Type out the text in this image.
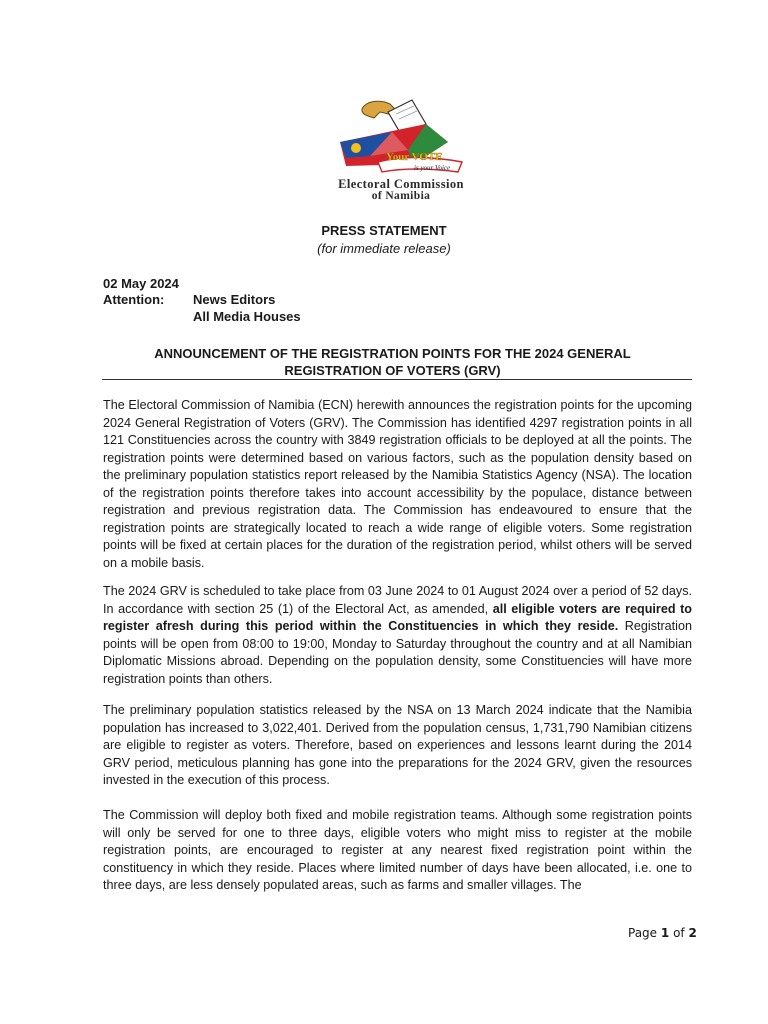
Your VOTE
is your Voice
Electoral Commission
of Namibia
PRESS STATEMENT
(for immediate release)
02 May 2024
Attention: News Editors
All Media Houses
ANNOUNCEMENT OF THE REGISTRATION POINTS FOR THE 2024 GENERAL REGISTRATION OF VOTERS (GRV)

The Electoral Commission of Namibia (ECN) herewith announces the registration points for the upcoming 2024 General Registration of Voters (GRV). The Commission has identified 4297 registration points in all 121 Constituencies across the country with 3849 registration officials to be deployed at all the points. The registration points were determined based on various factors, such as the population density based on the preliminary population statistics report released by the Namibia Statistics Agency (NSA). The location of the registration points therefore takes into account accessibility by the populace, distance between registration and previous registration data. The Commission has endeavoured to ensure that the registration points are strategically located to reach a wide range of eligible voters. Some registration points will be fixed at certain places for the duration of the registration period, whilst others will be served on a mobile basis.

The 2024 GRV is scheduled to take place from 03 June 2024 to 01 August 2024 over a period of 52 days. In accordance with section 25 (1) of the Electoral Act, as amended, all eligible voters are required to register afresh during this period within the Constituencies in which they reside. Registration points will be open from 08:00 to 19:00, Monday to Saturday throughout the country and at all Namibian Diplomatic Missions abroad. Depending on the population density, some Constituencies will have more registration points than others.

The preliminary population statistics released by the NSA on 13 March 2024 indicate that the Namibia population has increased to 3,022,401. Derived from the population census, 1,731,790 Namibian citizens are eligible to register as voters. Therefore, based on experiences and lessons learnt during the 2014 GRV period, meticulous planning has gone into the preparations for the 2024 GRV, given the resources invested in the execution of this process.

The Commission will deploy both fixed and mobile registration teams. Although some registration points will only be served for one to three days, eligible voters who might miss to register at the mobile registration points, are encouraged to register at any nearest fixed registration point within the constituency in which they reside. Places where limited number of days have been allocated, i.e. one to three days, are less densely populated areas, such as farms and smaller villages. The

Page 1 of 2
